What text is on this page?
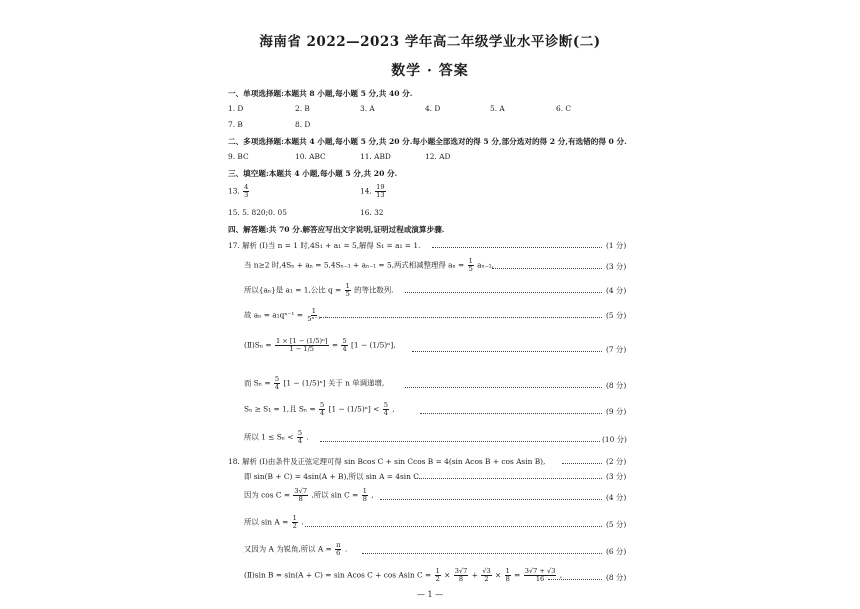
海南省 2022—2023 学年高二年级学业水平诊断(二)
数学 · 答案
一、单项选择题:本题共 8 小题,每小题 5 分,共 40 分.
1. D	2. B	3. A	4. D	5. A	6. C
7. B	8. D
二、多项选择题:本题共 4 小题,每小题 5 分,共 20 分.每小题全部选对的得 5 分,部分选对的得 2 分,有选错的得 0 分.
9. BC	10. ABC	11. ABD	12. AD
三、填空题:本题共 4 小题,每小题 5 分,共 20 分.
13. $\frac{4}{3}$	14. $\frac{19}{13}$
15. 5. 820;0. 05	16. 32
四、解答题:共 70 分.解答应写出文字说明,证明过程或演算步骤.
17. 解析 (Ⅰ)当 n = 1 时,4S₁ + a₁ = 5,解得 S₁ = a₁ = 1.	(1 分)
当 n≥2 时,4Sₙ + aₙ = 5,4Sₙ₋₁ + aₙ₋₁ = 5,两式相减整理得 $a_n = \frac{1}{5} a_{n-1}$,	(3 分)
所以{aₙ}是 a₁ = 1,公比 $q = \frac{1}{5}$ 的等比数列.	(4 分)
故 $a_n = a_1q^{n-1} = \frac{1}{\text{5ⁿ⁻¹}}$ .	(5 分)
(Ⅱ)Sₙ = $\frac{\text{1 × [1 − (1/5)ⁿ]}}{1 - 1/5} = \frac{5}{4} [1 - (1/5)^n]$,	(7 分)
而 $S_n = \frac{5}{4} [1 - (1/5)^n]$ 关于 n 单调递增,	(8 分)
Sₙ ≥ S₁ = 1,且 $S_n = \frac{5}{4} [1 - (1/5)^n] < \frac{5}{4}$ ,	(9 分)
所以 $1 \le S_n < \frac{5}{4}$ .	(10 分)
18. 解析 (Ⅰ)由条件及正弦定理可得 sin Bcos C + sin Ccos B = 4(sin Acos B + cos Asin B),	(2 分)
即 sin(B + C) = 4sin(A + B),所以 sin A = 4sin C.	(3 分)
因为 $\cos C = \frac{3√7}{8}$ ,所以 $\sin C = \frac{1}{8}$ ,	(4 分)
所以 $\sin A = \frac{1}{2}$ .	(5 分)
又因为 A 为锐角,所以 $A = \frac{\pi}{6}$ .	(6 分)
(Ⅱ)sin B = sin(A + C) = sin Acos C + cos Asin $C = \frac{1}{2} \times \frac{3√7}{8} + \frac{√3}{2} \times \frac{1}{8} = \frac{3√7 + √3}{16}$ ,	(8 分)
— 1 —
